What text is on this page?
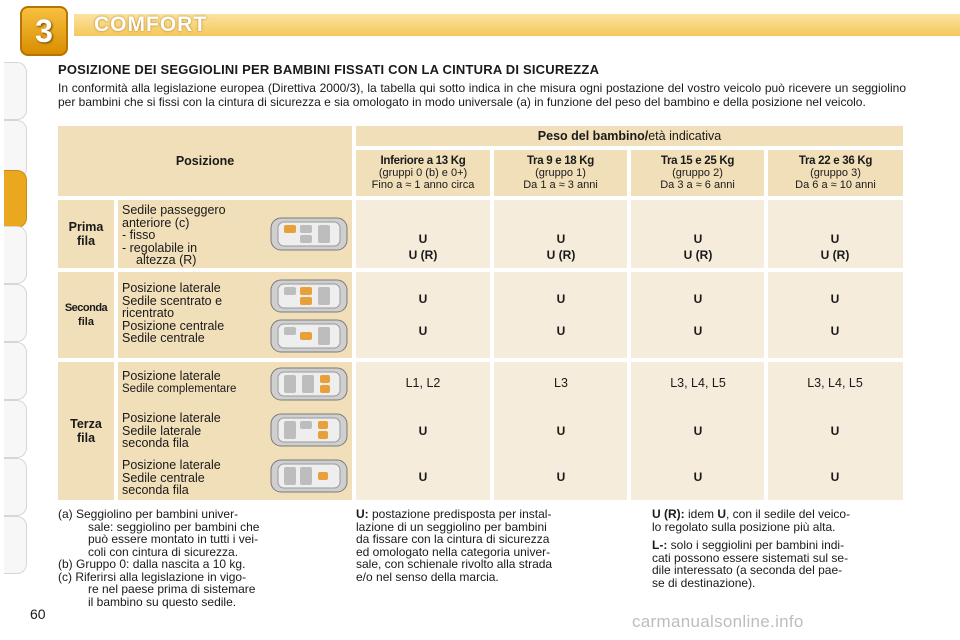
3	COMFORT
POSIZIONE DEI SEGGIOLINI PER BAMBINI FISSATI CON LA CINTURA DI SICUREZZA
In conformità alla legislazione europea (Direttiva 2000/3), la tabella qui sotto indica in che misura ogni postazione del vostro veicolo può ricevere un seggiolino per bambini che si fissi con la cintura di sicurezza e sia omologato in modo universale (a) in funzione del peso del bambino e della posizione nel veicolo.
Posizione
Peso del bambino/età indicativa
Inferiore a 13 Kg
(gruppi 0 (b) e 0+)
Fino a ≈ 1 anno circa
Tra 9 e 18 Kg
(gruppo 1)
Da 1 a ≈ 3 anni
Tra 15 e 25 Kg
(gruppo 2)
Da 3 a ≈ 6 anni
Tra 22 e 36 Kg
(gruppo 3)
Da 6 a ≈ 10 anni
Prima
fila
Sedile passeggero
anteriore (c)
- fisso
- regolabile in
altezza (R)
U
U (R)
U
U (R)
U
U (R)
U
U (R)
Seconda
fila
Posizione laterale
Sedile scentrato e
ricentrato
Posizione centrale
Sedile centrale
U
U
U
U
U
U
U
U
Terza
fila
Posizione laterale
Sedile complementare
Posizione laterale
Sedile laterale
seconda fila
Posizione laterale
Sedile centrale
seconda fila
L1, L2
U
U
L3
U
U
L3, L4, L5
U
U
L3, L4, L5
U
U
(a) Seggiolino per bambini univer-
sale: seggiolino per bambini che
può essere montato in tutti i vei-
coli con cintura di sicurezza.
(b) Gruppo 0: dalla nascita a 10 kg.
(c) Riferirsi alla legislazione in vigo-
re nel paese prima di sistemare
il bambino su questo sedile.
U: postazione predisposta per instal-
lazione di un seggiolino per bambini
da fissare con la cintura di sicurezza
ed omologato nella categoria univer-
sale, con schienale rivolto alla strada
e/o nel senso della marcia.
U (R): idem U, con il sedile del veico-
lo regolato sulla posizione più alta.
L-: solo i seggiolini per bambini indi-
cati possono essere sistemati sul se-
dile interessato (a seconda del pae-
se di destinazione).
60	carmanualsonline.info
